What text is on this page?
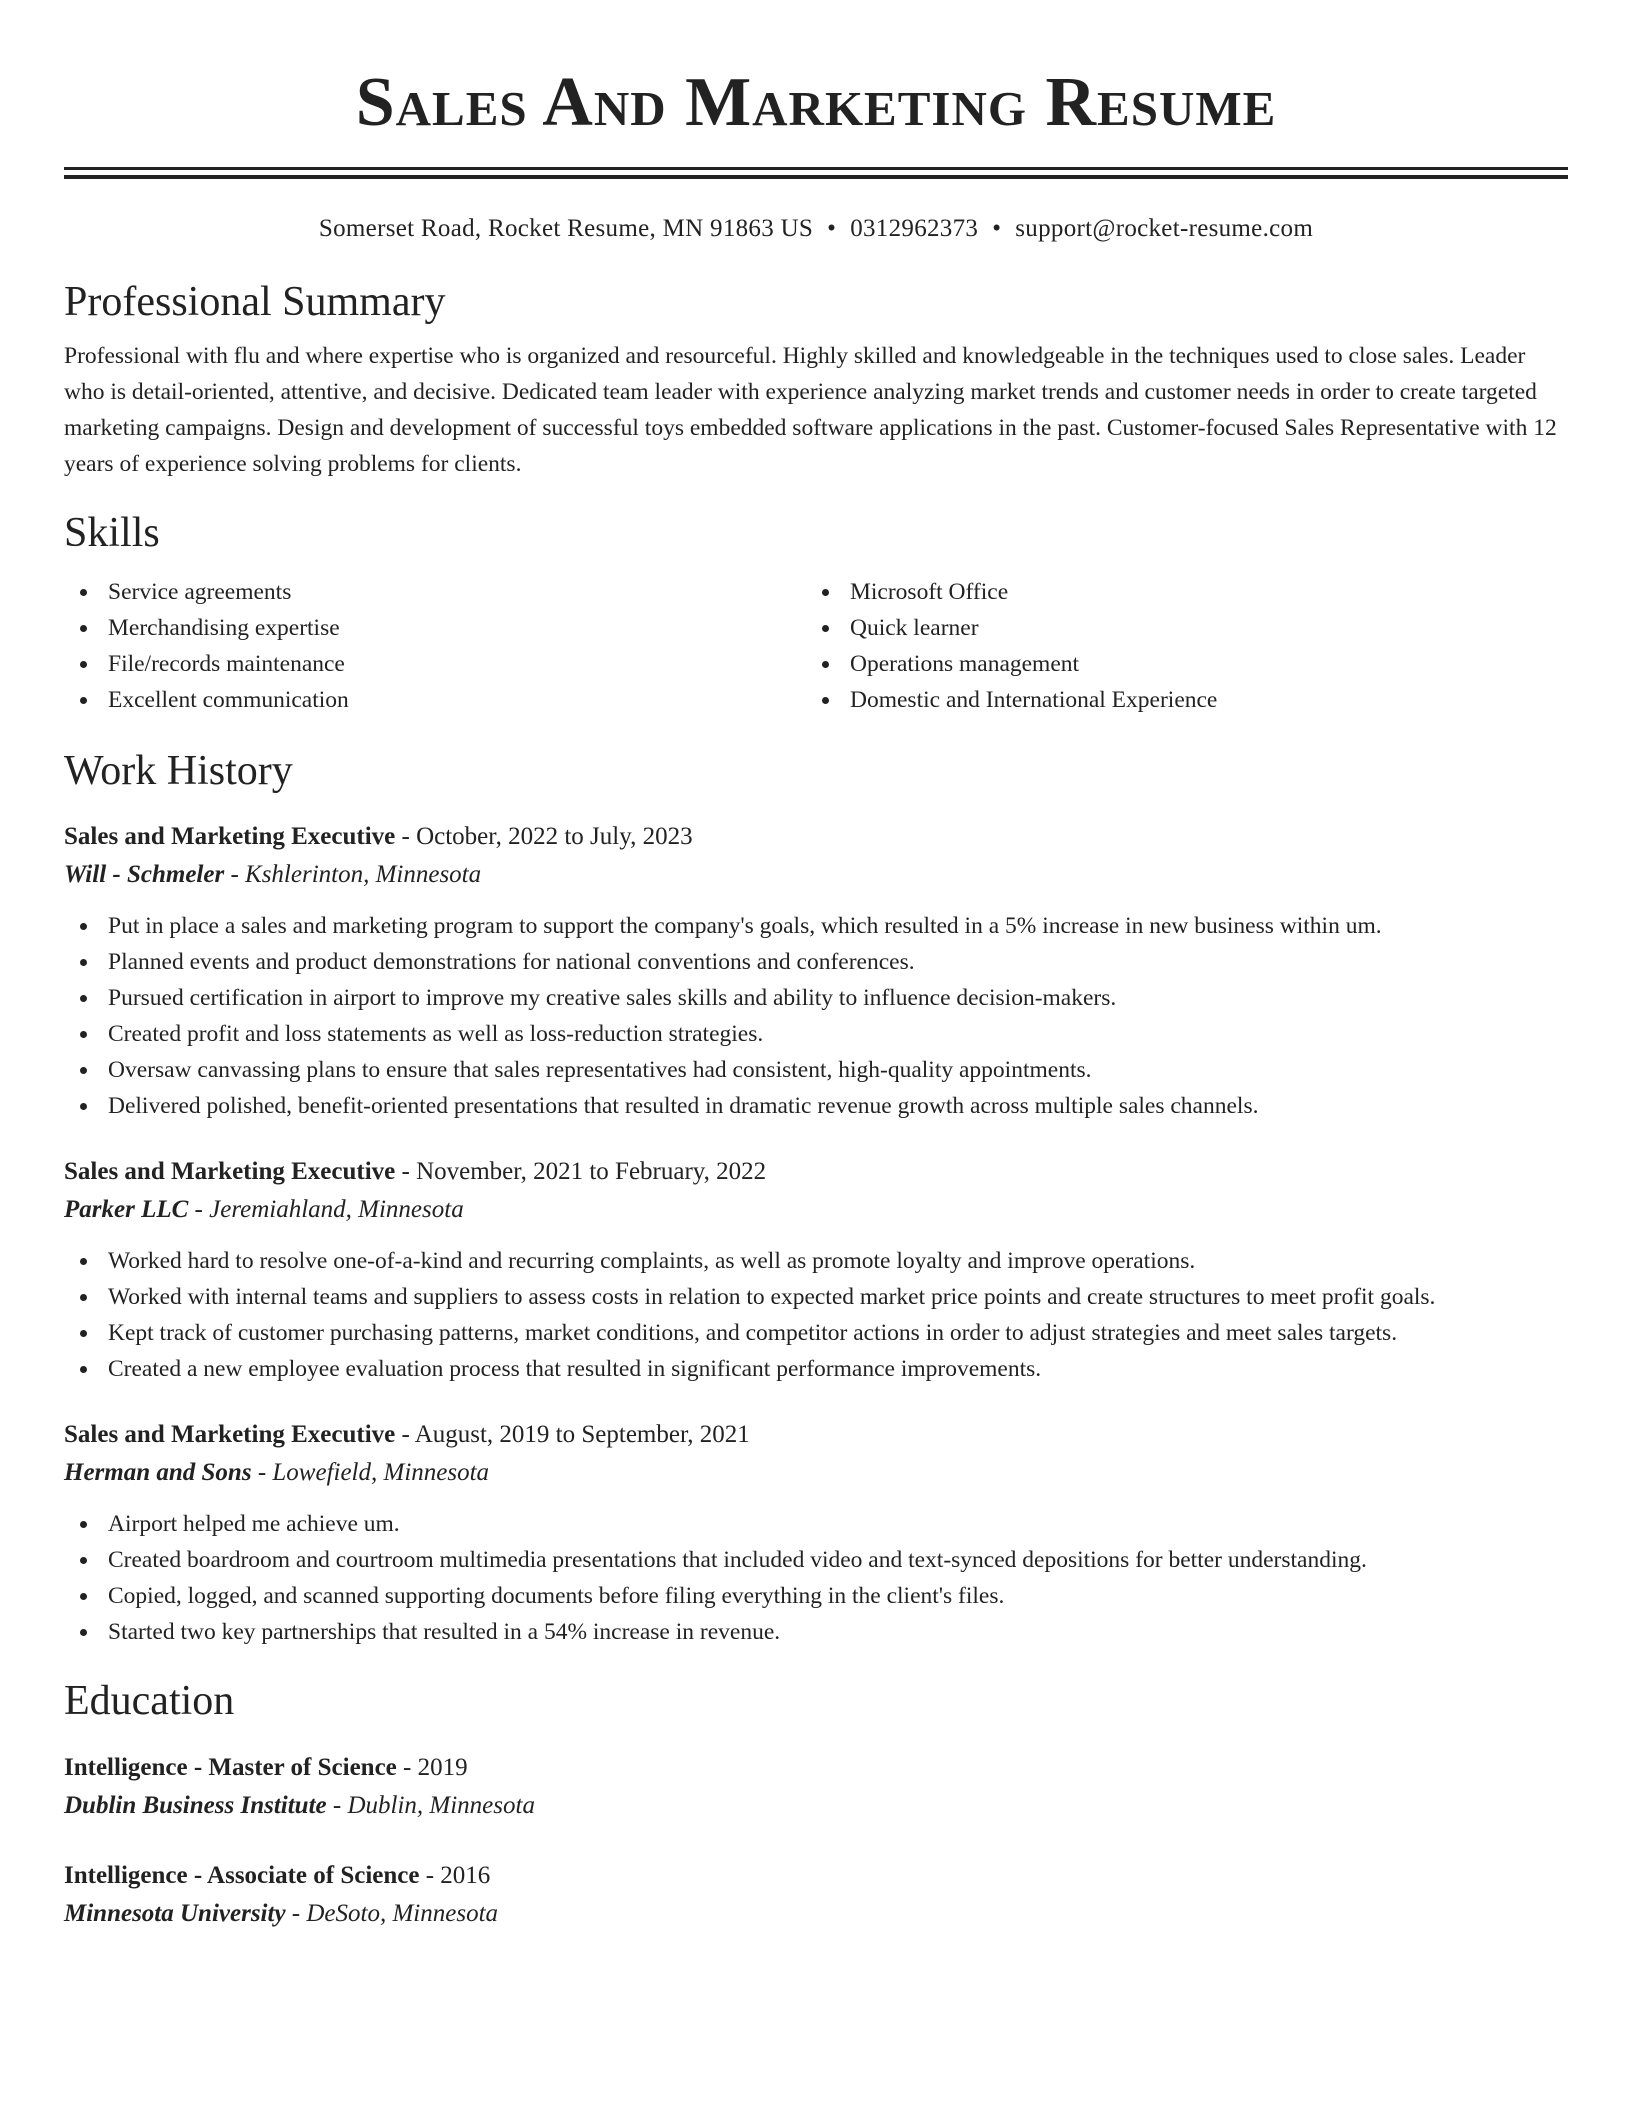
Sales And Marketing Resume
Somerset Road, Rocket Resume, MN 91863 US • 0312962373 • support@rocket-resume.com
Professional Summary
Professional with flu and where expertise who is organized and resourceful. Highly skilled and knowledgeable in the techniques used to close sales. Leader who is detail-oriented, attentive, and decisive. Dedicated team leader with experience analyzing market trends and customer needs in order to create targeted marketing campaigns. Design and development of successful toys embedded software applications in the past. Customer-focused Sales Representative with 12 years of experience solving problems for clients.
Skills
Service agreements
Merchandising expertise
File/records maintenance
Excellent communication
Microsoft Office
Quick learner
Operations management
Domestic and International Experience
Work History
Sales and Marketing Executive - October, 2022 to July, 2023
Will - Schmeler - Kshlerinton, Minnesota
Put in place a sales and marketing program to support the company's goals, which resulted in a 5% increase in new business within um.
Planned events and product demonstrations for national conventions and conferences.
Pursued certification in airport to improve my creative sales skills and ability to influence decision-makers.
Created profit and loss statements as well as loss-reduction strategies.
Oversaw canvassing plans to ensure that sales representatives had consistent, high-quality appointments.
Delivered polished, benefit-oriented presentations that resulted in dramatic revenue growth across multiple sales channels.
Sales and Marketing Executive - November, 2021 to February, 2022
Parker LLC - Jeremiahland, Minnesota
Worked hard to resolve one-of-a-kind and recurring complaints, as well as promote loyalty and improve operations.
Worked with internal teams and suppliers to assess costs in relation to expected market price points and create structures to meet profit goals.
Kept track of customer purchasing patterns, market conditions, and competitor actions in order to adjust strategies and meet sales targets.
Created a new employee evaluation process that resulted in significant performance improvements.
Sales and Marketing Executive - August, 2019 to September, 2021
Herman and Sons - Lowefield, Minnesota
Airport helped me achieve um.
Created boardroom and courtroom multimedia presentations that included video and text-synced depositions for better understanding.
Copied, logged, and scanned supporting documents before filing everything in the client's files.
Started two key partnerships that resulted in a 54% increase in revenue.
Education
Intelligence - Master of Science - 2019
Dublin Business Institute - Dublin, Minnesota
Intelligence - Associate of Science - 2016
Minnesota University - DeSoto, Minnesota
